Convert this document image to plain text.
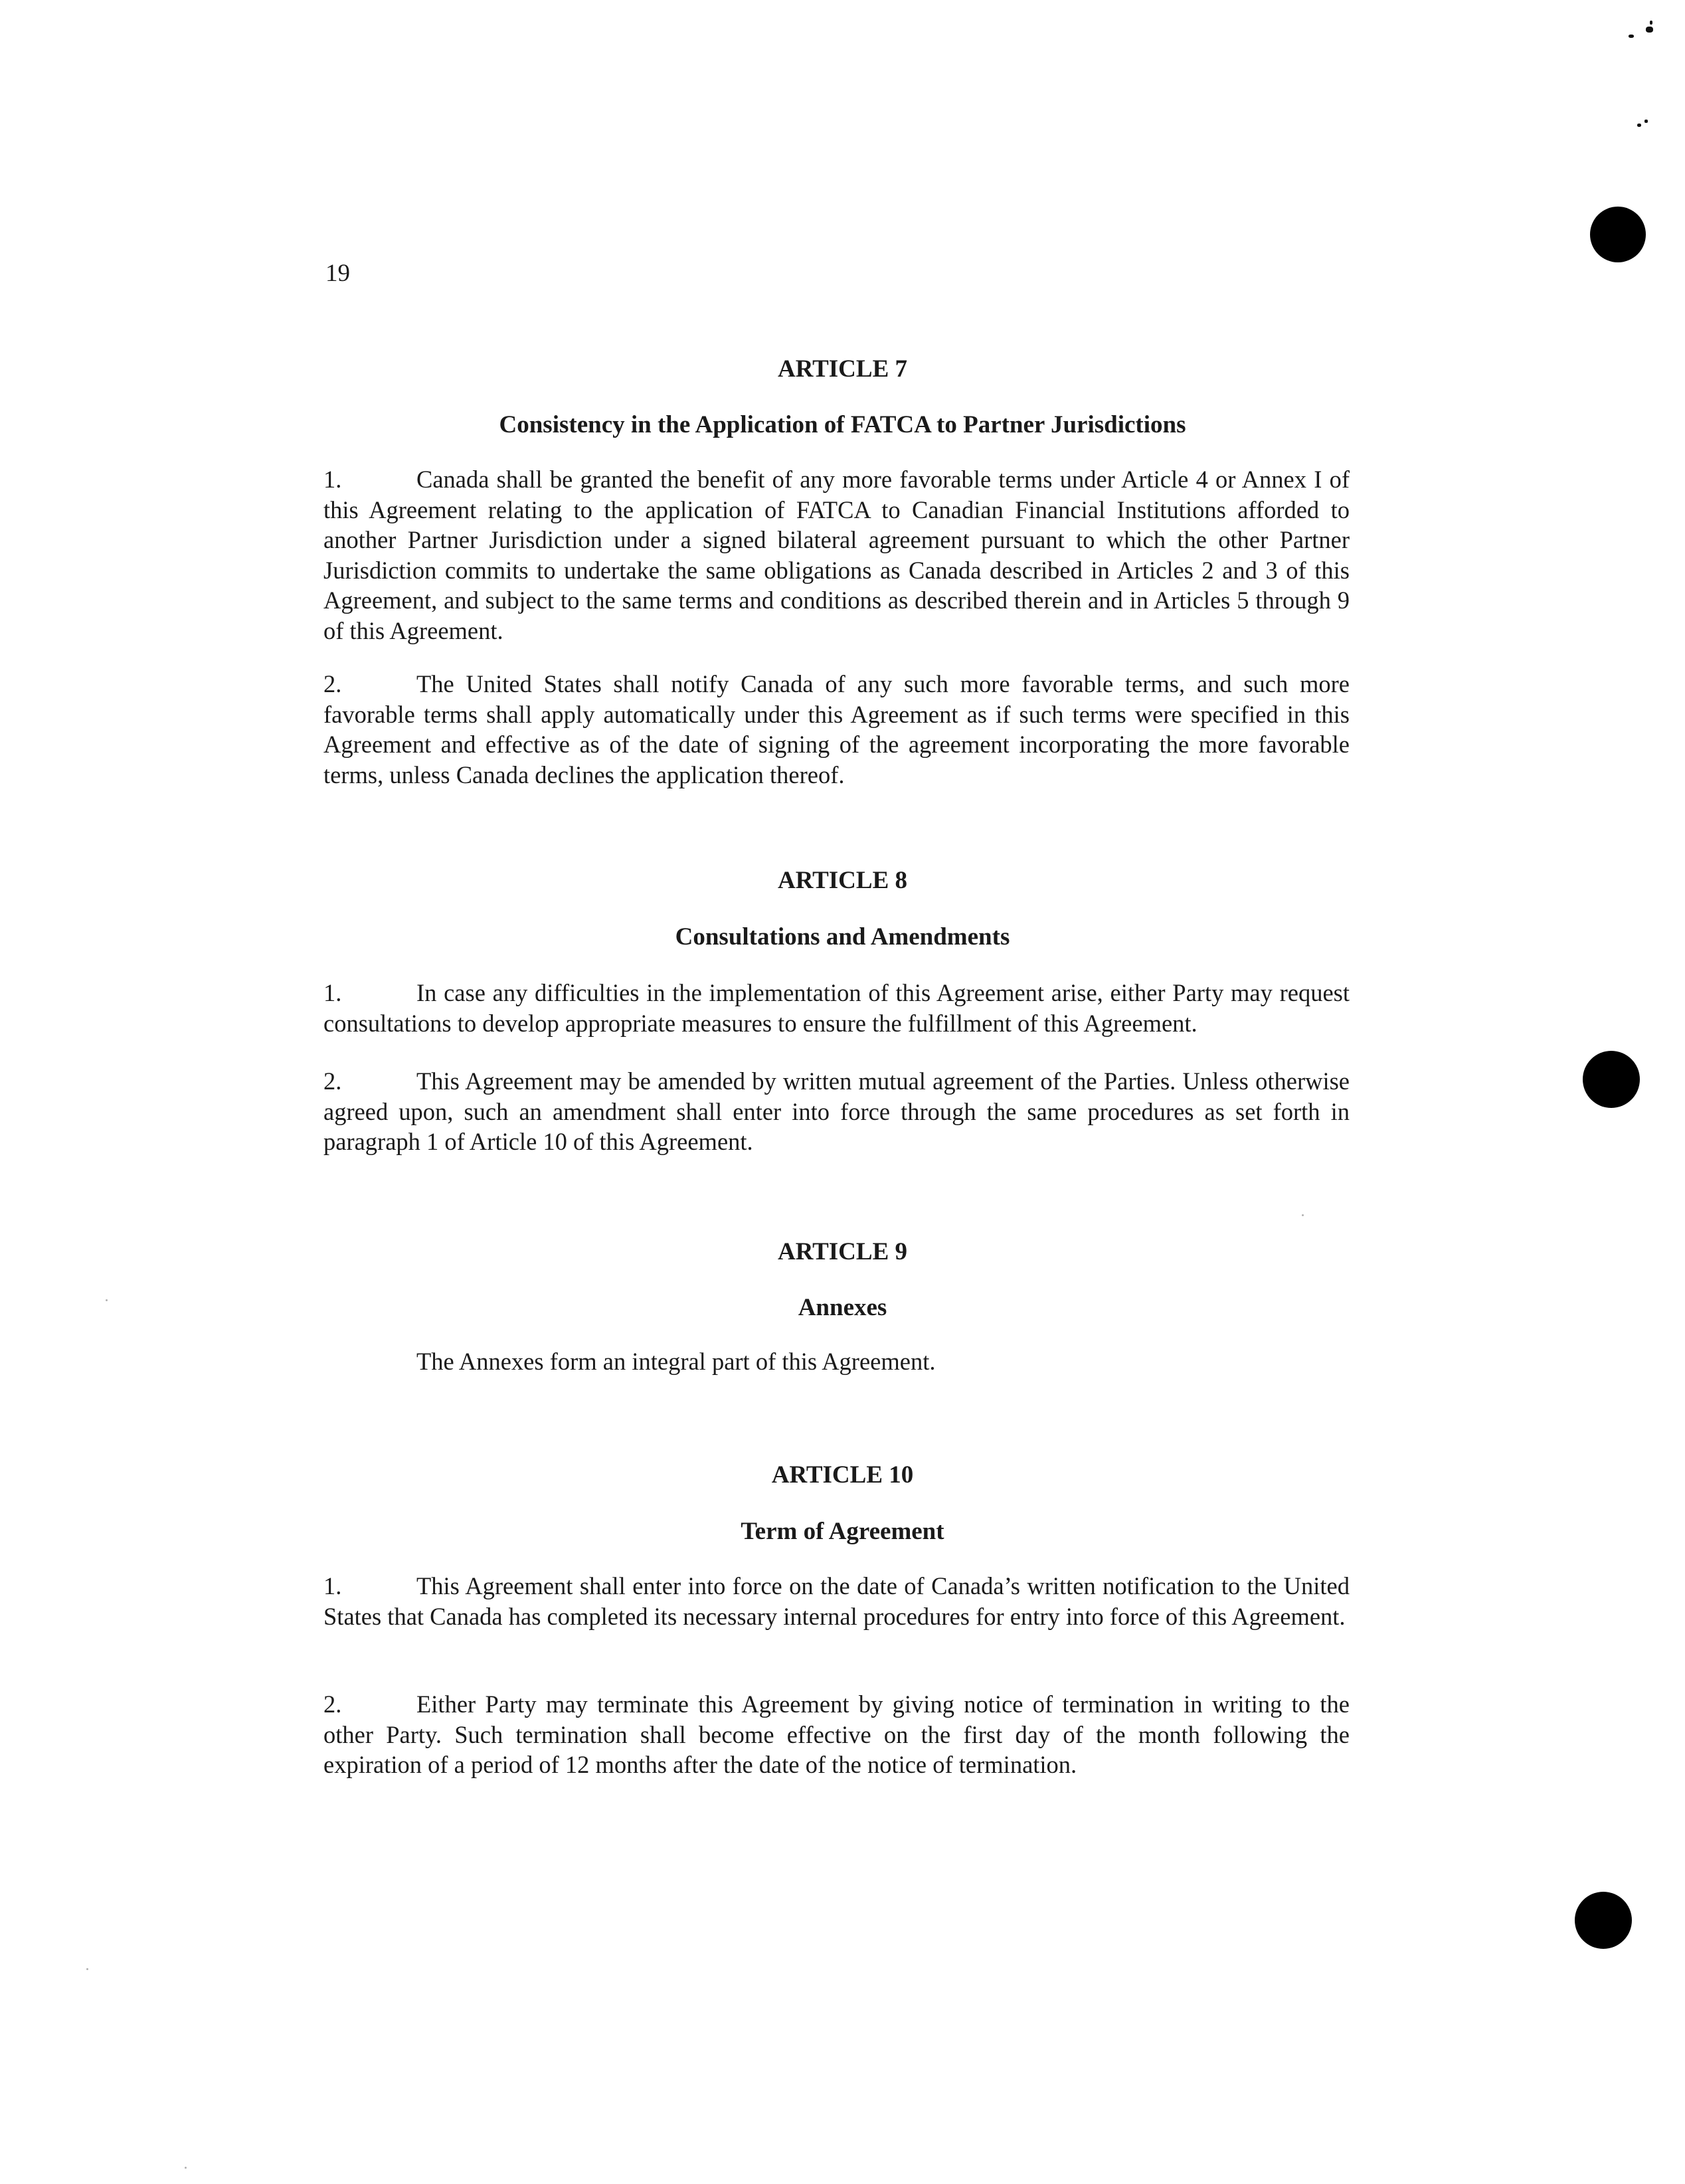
19
ARTICLE 7
Consistency in the Application of FATCA to Partner Jurisdictions
1.	Canada shall be granted the benefit of any more favorable terms under Article 4 or Annex I of this Agreement relating to the application of FATCA to Canadian Financial Institutions afforded to another Partner Jurisdiction under a signed bilateral agreement pursuant to which the other Partner Jurisdiction commits to undertake the same obligations as Canada described in Articles 2 and 3 of this Agreement, and subject to the same terms and conditions as described therein and in Articles 5 through 9 of this Agreement.
2.	The United States shall notify Canada of any such more favorable terms, and such more favorable terms shall apply automatically under this Agreement as if such terms were specified in this Agreement and effective as of the date of signing of the agreement incorporating the more favorable terms, unless Canada declines the application thereof.
ARTICLE 8
Consultations and Amendments
1.	In case any difficulties in the implementation of this Agreement arise, either Party may request consultations to develop appropriate measures to ensure the fulfillment of this Agreement.
2.	This Agreement may be amended by written mutual agreement of the Parties. Unless otherwise agreed upon, such an amendment shall enter into force through the same procedures as set forth in paragraph 1 of Article 10 of this Agreement.
ARTICLE 9
Annexes
The Annexes form an integral part of this Agreement.
ARTICLE 10
Term of Agreement
1.	This Agreement shall enter into force on the date of Canada’s written notification to the United States that Canada has completed its necessary internal procedures for entry into force of this Agreement.
2.	Either Party may terminate this Agreement by giving notice of termination in writing to the other Party. Such termination shall become effective on the first day of the month following the expiration of a period of 12 months after the date of the notice of termination.
